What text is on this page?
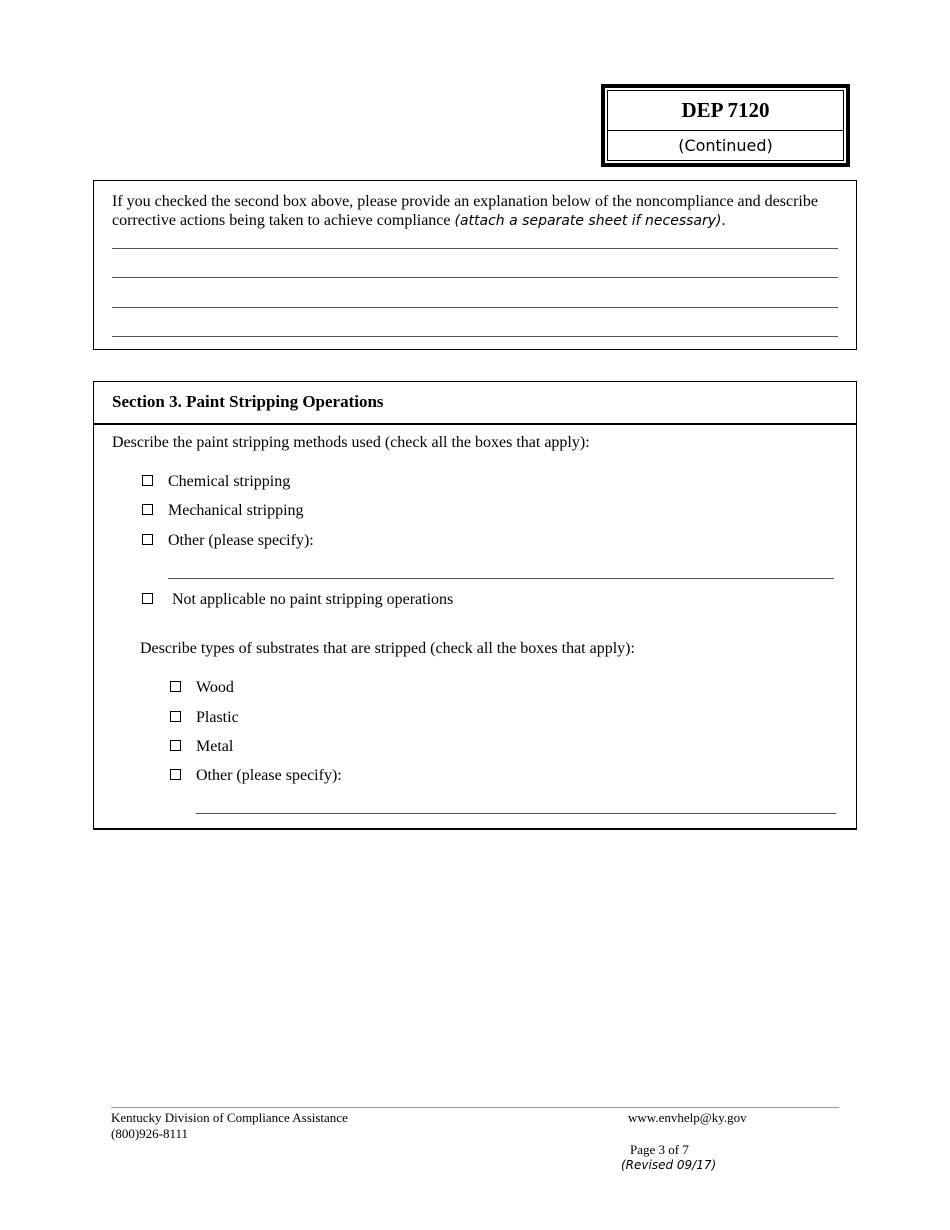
DEP 7120
(Continued)
If you checked the second box above, please provide an explanation below of the noncompliance and describe corrective actions being taken to achieve compliance (attach a separate sheet if necessary).
Section 3. Paint Stripping Operations
Describe the paint stripping methods used (check all the boxes that apply):
Chemical stripping
Mechanical stripping
Other (please specify):
Not applicable no paint stripping operations
Describe types of substrates that are stripped (check all the boxes that apply):
Wood
Plastic
Metal
Other (please specify):
Kentucky Division of Compliance Assistance
(800)926-8111
www.envhelp@ky.gov
Page 3 of 7
(Revised 09/17)
